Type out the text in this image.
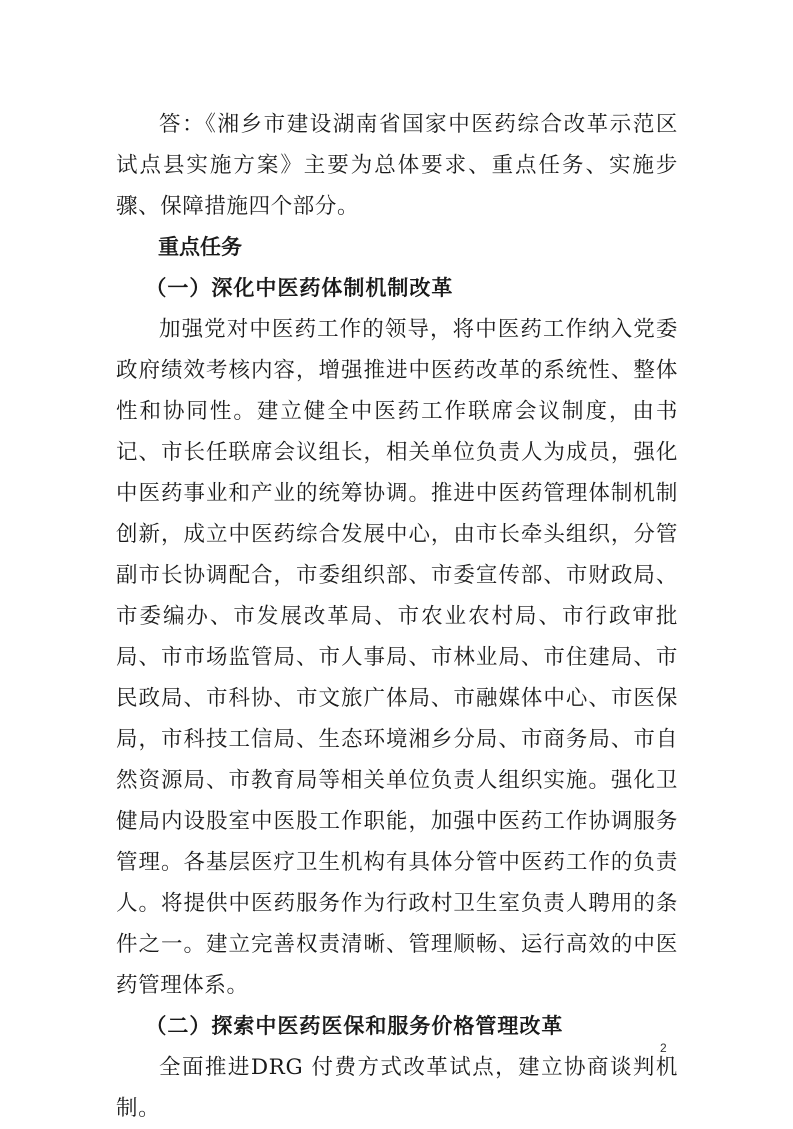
答：《湘乡市建设湖南省国家中医药综合改革示范区试点县实施方案》主要为总体要求、重点任务、实施步骤、保障措施四个部分。

重点任务
（一）深化中医药体制机制改革

加强党对中医药工作的领导，将中医药工作纳入党委政府绩效考核内容，增强推进中医药改革的系统性、整体性和协同性。建立健全中医药工作联席会议制度，由书记、市长任联席会议组长，相关单位负责人为成员，强化中医药事业和产业的统筹协调。推进中医药管理体制机制创新，成立中医药综合发展中心，由市长牵头组织，分管副市长协调配合，市委组织部、市委宣传部、市财政局、市委编办、市发展改革局、市农业农村局、市行政审批局、市市场监管局、市人事局、市林业局、市住建局、市民政局、市科协、市文旅广体局、市融媒体中心、市医保局，市科技工信局、生态环境湘乡分局、市商务局、市自然资源局、市教育局等相关单位负责人组织实施。强化卫健局内设股室中医股工作职能，加强中医药工作协调服务管理。各基层医疗卫生机构有具体分管中医药工作的负责人。将提供中医药服务作为行政村卫生室负责人聘用的条件之一。建立完善权责清晰、管理顺畅、运行高效的中医药管理体系。

（二）探索中医药医保和服务价格管理改革

全面推进DRG 付费方式改革试点，建立协商谈判机制。

2
